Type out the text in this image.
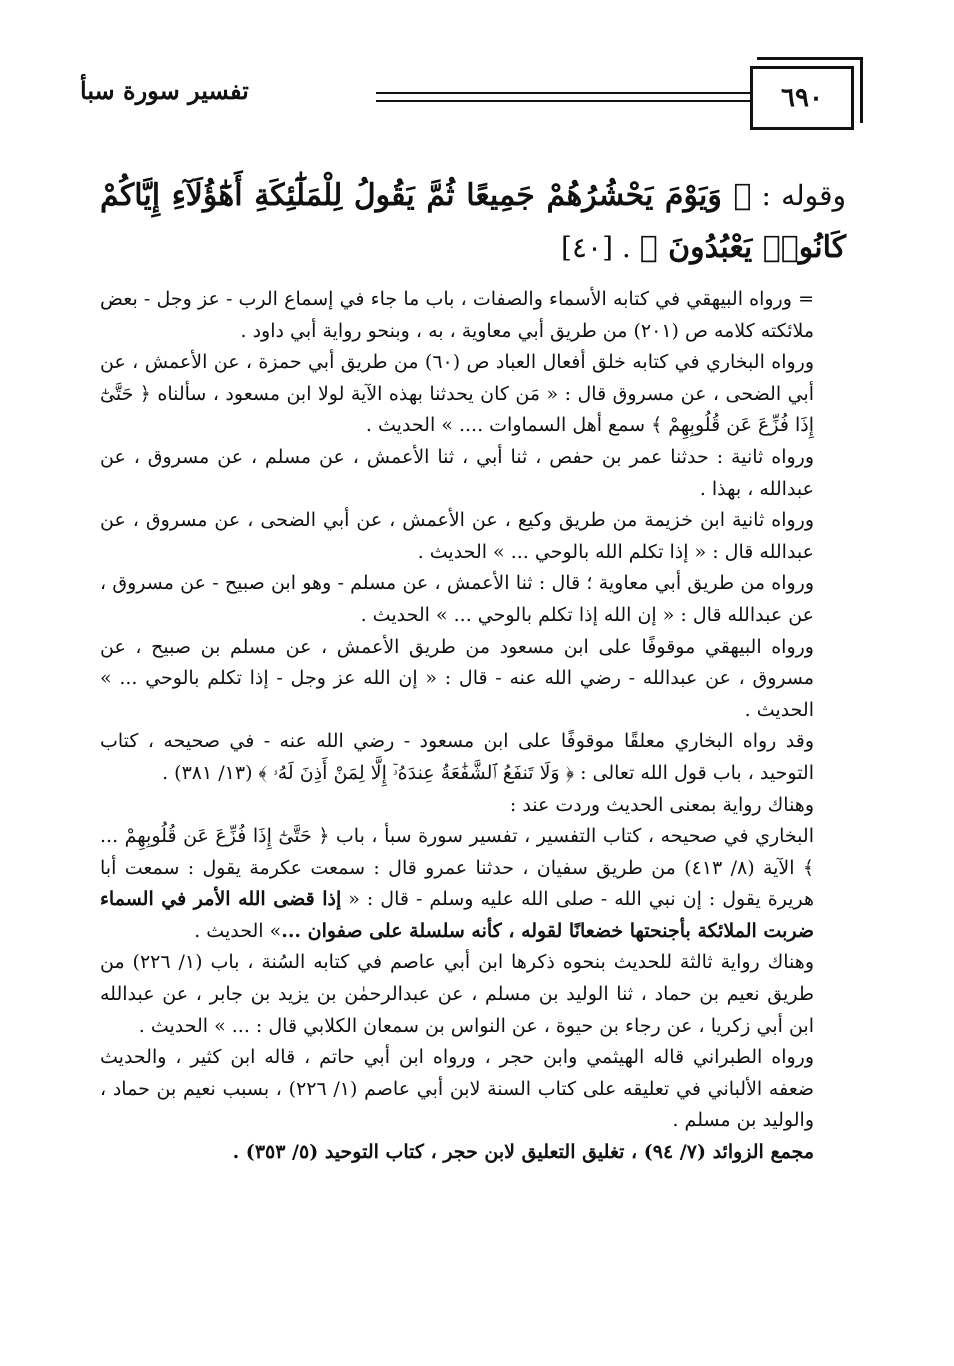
٦٩٠
تفسير سورة سبأ
وقوله : ﴿ وَيَوْمَ يَحْشُرُهُمْ جَمِيعًا ثُمَّ يَقُولُ لِلْمَلَٰٓئِكَةِ أَهَٰٓؤُلَآءِ إِيَّاكُمْ كَانُوا۟ يَعْبُدُونَ ﴾ . [٤٠]

= ورواه البيهقي في كتابه الأسماء والصفات ، باب ما جاء في إسماع الرب - عز وجل - بعض ملائكته كلامه ص (٢٠١) من طريق أبي معاوية ، به ، وبنحو رواية أبي داود .

ورواه البخاري في كتابه خلق أفعال العباد ص (٦٠) من طريق أبي حمزة ، عن الأعمش ، عن أبي الضحى ، عن مسروق قال : « مَن كان يحدثنا بهذه الآية لولا ابن مسعود ، سألناه ﴿ حَتَّىٰٓ إِذَا فُزِّعَ عَن قُلُوبِهِمْ ﴾ سمع أهل السماوات .... » الحديث .

ورواه ثانية : حدثنا عمر بن حفص ، ثنا أبي ، ثنا الأعمش ، عن مسلم ، عن مسروق ، عن عبدالله ، بهذا .

ورواه ثانية ابن خزيمة من طريق وكيع ، عن الأعمش ، عن أبي الضحى ، عن مسروق ، عن عبدالله قال : « إذا تكلم الله بالوحي ... » الحديث .

ورواه من طريق أبي معاوية ؛ قال : ثنا الأعمش ، عن مسلم - وهو ابن صبيح - عن مسروق ، عن عبدالله قال : « إن الله إذا تكلم بالوحي ... » الحديث .

ورواه البيهقي موقوفًا على ابن مسعود من طريق الأعمش ، عن مسلم بن صبيح ، عن مسروق ، عن عبدالله - رضي الله عنه - قال : « إن الله عز وجل - إذا تكلم بالوحي ... » الحديث .

وقد رواه البخاري معلقًا موقوفًا على ابن مسعود - رضي الله عنه - في صحيحه ، كتاب التوحيد ، باب قول الله تعالى : ﴿ وَلَا تَنفَعُ ٱلشَّفَٰعَةُ عِندَهُۥٓ إِلَّا لِمَنْ أَذِنَ لَهُۥ ﴾ (١٣/ ٣٨١) .

وهناك رواية بمعنى الحديث وردت عند :

البخاري في صحيحه ، كتاب التفسير ، تفسير سورة سبأ ، باب ﴿ حَتَّىٰٓ إِذَا فُزِّعَ عَن قُلُوبِهِمْ ... ﴾ الآية (٨/ ٤١٣) من طريق سفيان ، حدثنا عمرو قال : سمعت عكرمة يقول : سمعت أبا هريرة يقول : إن نبي الله - صلى الله عليه وسلم - قال : « إذا قضى الله الأمر في السماء ضربت الملائكة بأجنحتها خضعانًا لقوله ، كأنه سلسلة على صفوان ...» الحديث .

وهناك رواية ثالثة للحديث بنحوه ذكرها ابن أبي عاصم في كتابه السُنة ، باب (١/ ٢٢٦) من طريق نعيم بن حماد ، ثنا الوليد بن مسلم ، عن عبدالرحمٰن بن يزيد بن جابر ، عن عبدالله ابن أبي زكريا ، عن رجاء بن حيوة ، عن النواس بن سمعان الكلابي قال : ... » الحديث .

ورواه الطبراني قاله الهيثمي وابن حجر ، ورواه ابن أبي حاتم ، قاله ابن كثير ، والحديث ضعفه الألباني في تعليقه على كتاب السنة لابن أبي عاصم (١/ ٢٢٦) ، بسبب نعيم بن حماد ، والوليد بن مسلم .

مجمع الزوائد (٧/ ٩٤) ، تغليق التعليق لابن حجر ، كتاب التوحيد (٥/ ٣٥٣) .
